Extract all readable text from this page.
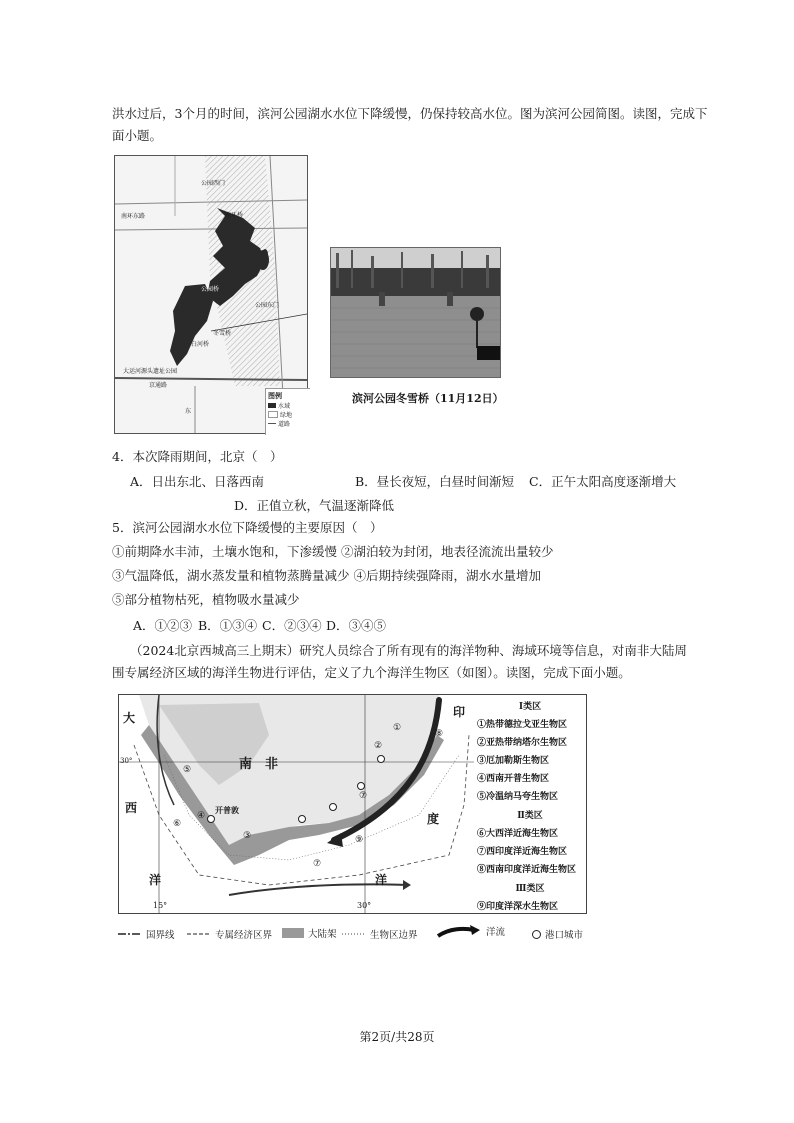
洪水过后，3个月的时间，滨河公园湖水水位下降缓慢，仍保持较高水位。图为滨河公园简图。读图，完成下
面小题。
公园西门
南环东路	南环桥
公园桥
公园东门
冬雪桥
白河桥
大运河源头遗址公园
京通路
东
图例
水域
绿地
道路
滨河公园冬雪桥（11月12日）
4．本次降雨期间，北京（　）
A．日出东北、日落西南	B．昼长夜短，白昼时间渐短 C．正午太阳高度逐渐增大
D．正值立秋，气温逐渐降低
5．滨河公园湖水水位下降缓慢的主要原因（　）
①前期降水丰沛，土壤水饱和，下渗缓慢 ②湖泊较为封闭，地表径流流出量较少
③气温降低，湖水蒸发量和植物蒸腾量减少 ④后期持续强降雨，湖水水量增加
⑤部分植物枯死，植物吸水量减少
A．①②③ B．①③④ C．②③④ D．③④⑤
（2024北京西城高三上期末）研究人员综合了所有现有的海洋物种、海域环境等信息，对南非大陆周
围专属经济区域的海洋生物进行评估，定义了九个海洋生物区（如图）。读图，完成下面小题。
南　非
大
西
洋	洋
印
度
开普敦
30°
15°	30°
①
②
⑤
④
⑥
③
⑦
⑦
⑧
⑨
Ⅰ类区
①热带德拉戈亚生物区
②亚热带纳塔尔生物区
③厄加勒斯生物区
④西南开普生物区
⑤冷温纳马夸生物区
Ⅱ类区
⑥大西洋近海生物区
⑦西印度洋近海生物区
⑧西南印度洋近海生物区
Ⅲ类区
⑨印度洋深水生物区
国界线	专属经济区界	大陆架	生物区边界	洋流	港口城市
第2页/共28页
